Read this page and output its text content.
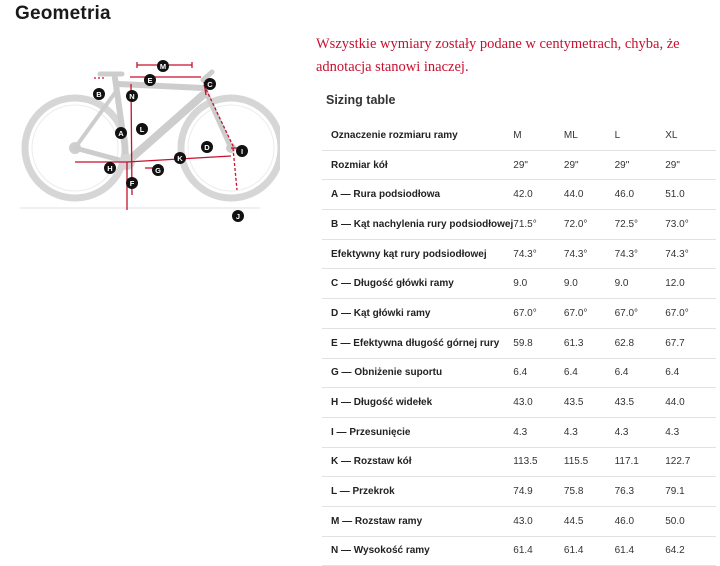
Geometria
M
E	C
B	N
A L
D	I
H
K
G
F
J
Wszystkie wymiary zostały podane w centymetrach, chyba, że adnotacja stanowi inaczej.
Sizing table
Oznaczenie rozmiaru ramy	M	ML	L	XL
Rozmiar kół	29"	29"	29"	29"
A — Rura podsiodłowa	42.0	44.0	46.0	51.0
B — Kąt nachylenia rury podsiodłowej	71.5°	72.0°	72.5°	73.0°
Efektywny kąt rury podsiodłowej	74.3°	74.3°	74.3°	74.3°
C — Długość główki ramy	9.0	9.0	9.0	12.0
D — Kąt główki ramy	67.0°	67.0°	67.0°	67.0°
E — Efektywna długość górnej rury	59.8	61.3	62.8	67.7
G — Obniżenie suportu	6.4	6.4	6.4	6.4
H — Długość widełek	43.0	43.5	43.5	44.0
I — Przesunięcie	4.3	4.3	4.3	4.3
K — Rozstaw kół	113.5	115.5	117.1	122.7
L — Przekrok	74.9	75.8	76.3	79.1
M — Rozstaw ramy	43.0	44.5	46.0	50.0
N — Wysokość ramy	61.4	61.4	61.4	64.2
